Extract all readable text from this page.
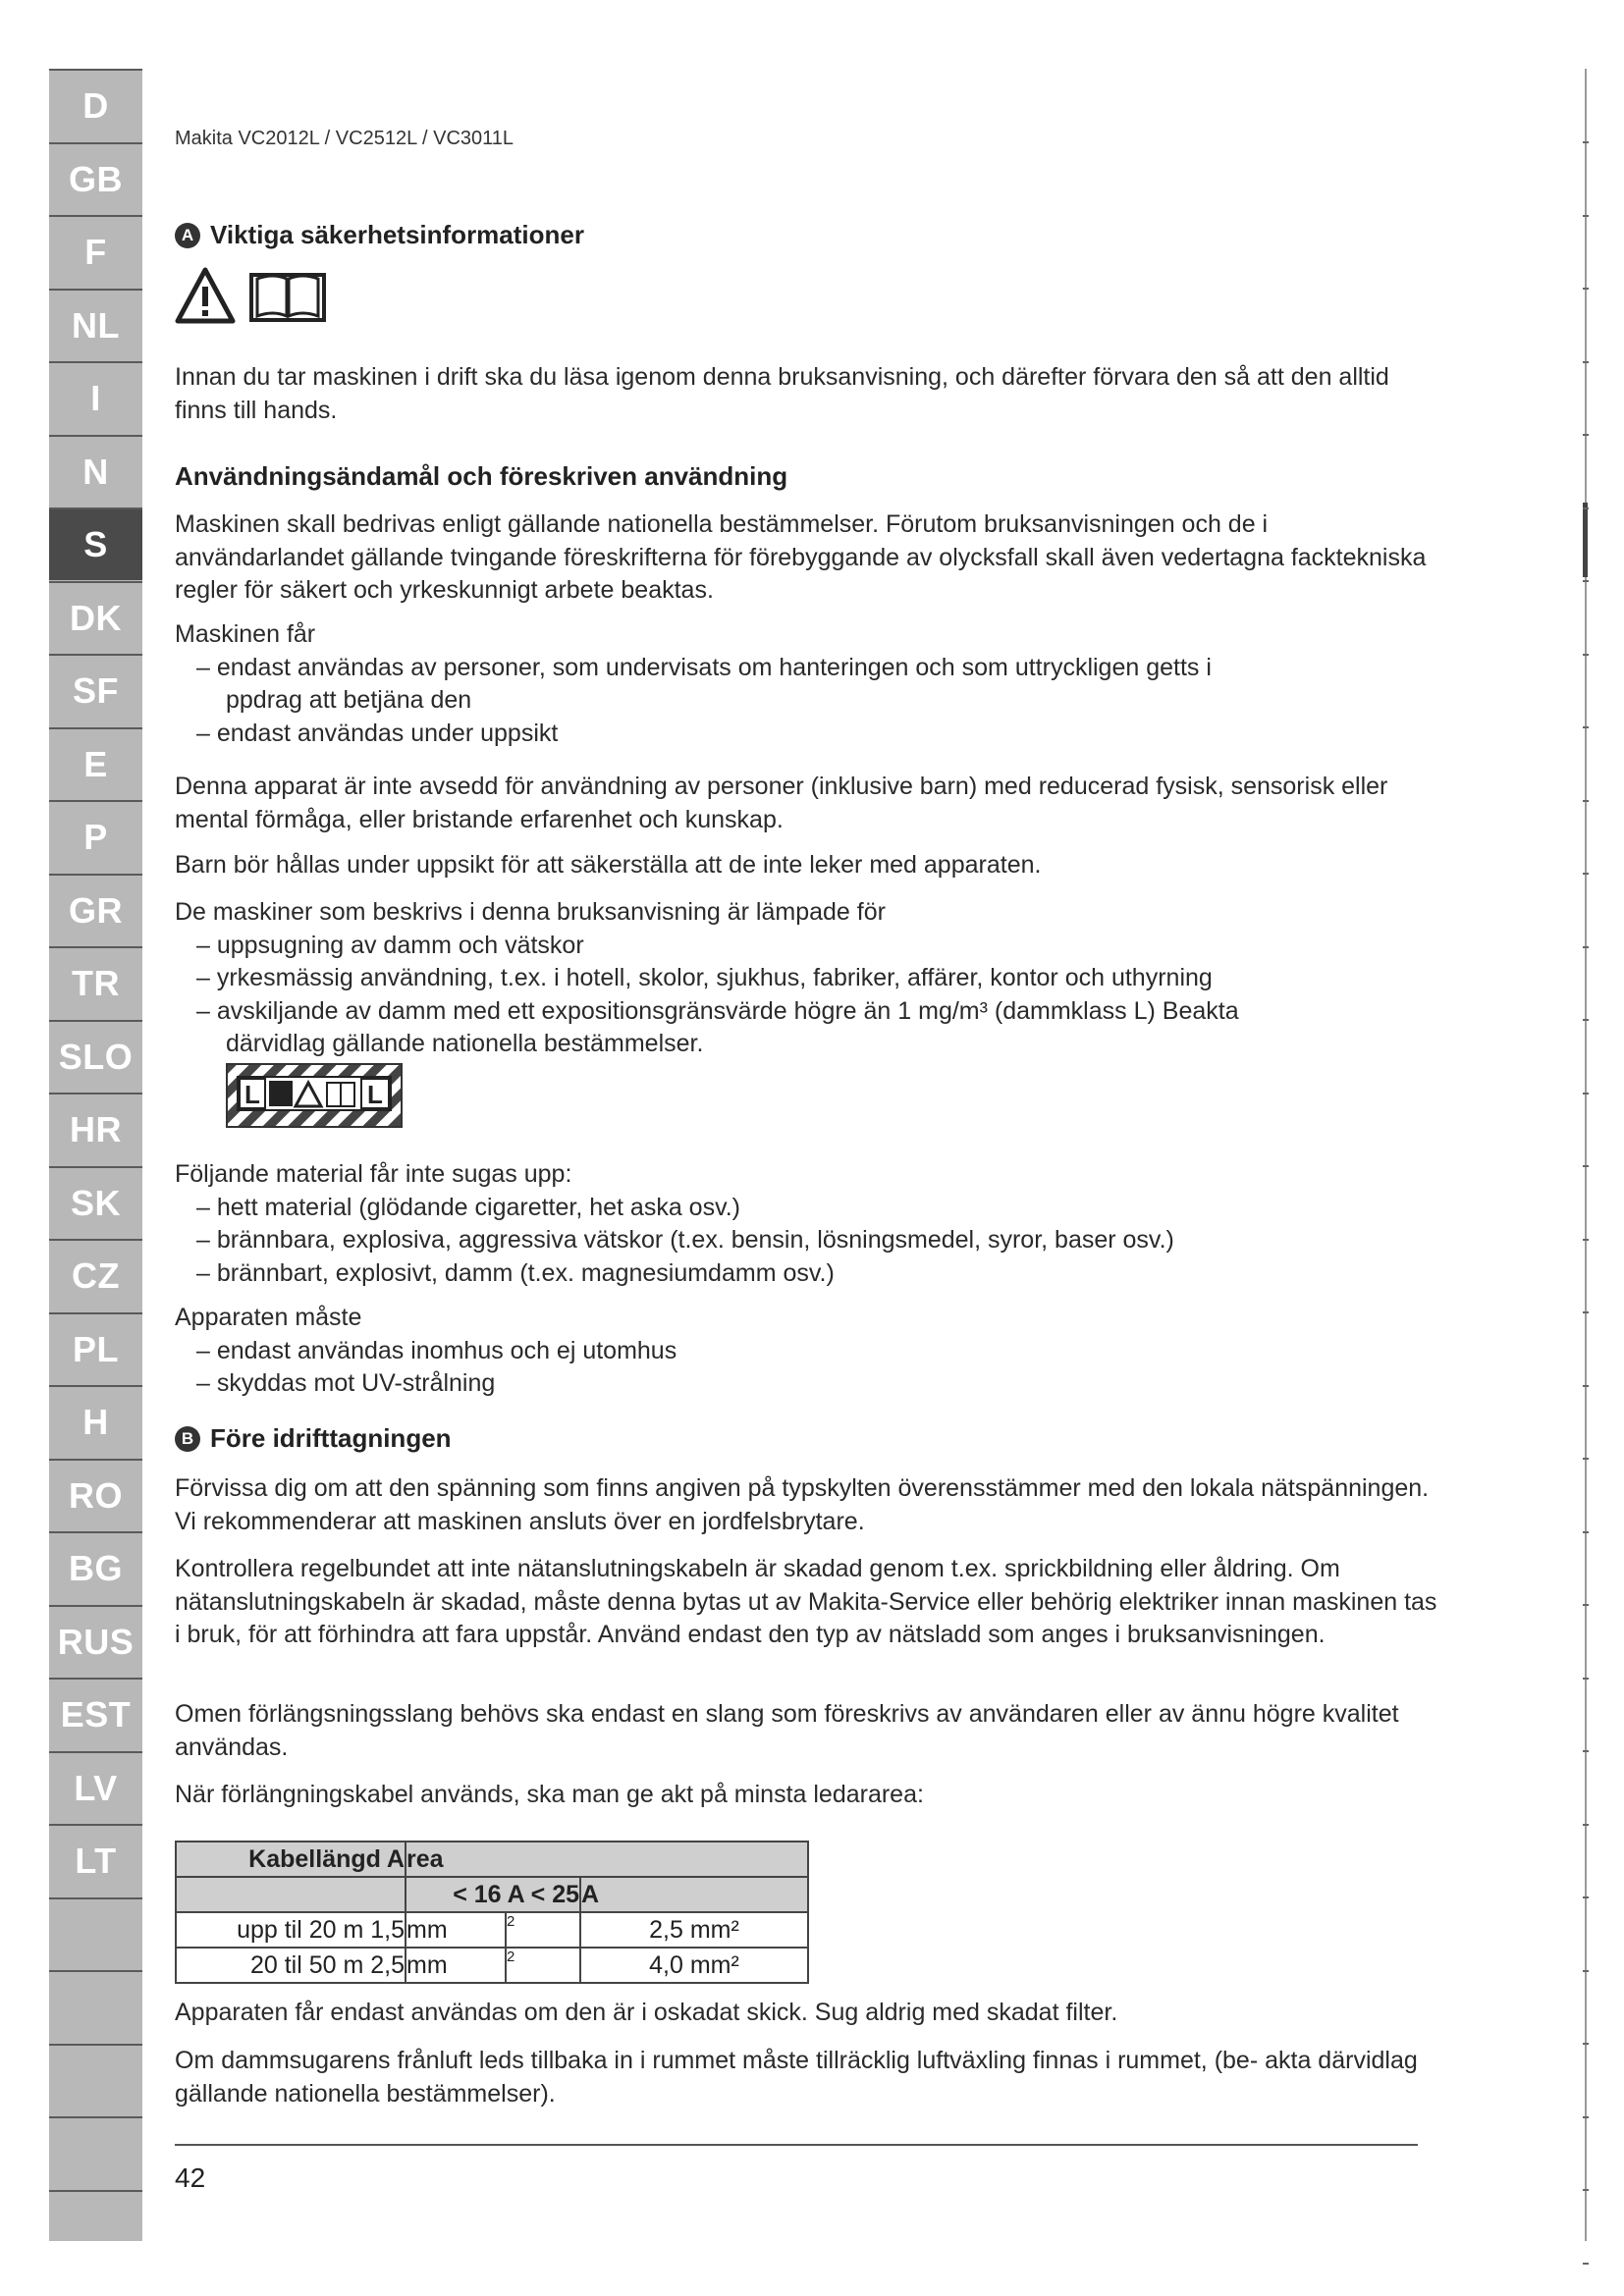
D
GB
F
NL
I
N
S
DK
SF
E
P
GR
TR
SLO
HR
SK
CZ
PL
H
RO
BG
RUS
EST
LV
LT
Makita VC2012L / VC2512L / VC3011L
A Viktiga säkerhetsinformationer

Innan du tar maskinen i drift ska du läsa igenom denna bruksanvisning, och därefter förvara den så att den alltid finns till hands.

Användningsändamål och föreskriven användning

Maskinen skall bedrivas enligt gällande nationella bestämmelser. Förutom bruksanvisningen och de i användarlandet gällande tvingande föreskrifterna för förebyggande av olycksfall skall även vedertagna facktekniska regler för säkert och yrkeskunnigt arbete beaktas.

Maskinen får

– endast användas av personer, som undervisats om hanteringen och som uttryckligen getts i

ppdrag att betjäna den

– endast användas under uppsikt

Denna apparat är inte avsedd för användning av personer (inklusive barn) med reducerad fysisk, sensorisk eller mental förmåga, eller bristande erfarenhet och kunskap.

Barn bör hållas under uppsikt för att säkerställa att de inte leker med apparaten.

De maskiner som beskrivs i denna bruksanvisning är lämpade för

– uppsugning av damm och vätskor

– yrkesmässig användning, t.ex. i hotell, skolor, sjukhus, fabriker, affärer, kontor och uthyrning

– avskiljande av damm med ett expositionsgränsvärde högre än 1 mg/m³ (dammklass L) Beakta

därvidlag gällande nationella bestämmelser.

L	L

Följande material får inte sugas upp:

– hett material (glödande cigaretter, het aska osv.)

– brännbara, explosiva, aggressiva vätskor (t.ex. bensin, lösningsmedel, syror, baser osv.)

– brännbart, explosivt, damm (t.ex. magnesiumdamm osv.)

Apparaten måste

– endast användas inomhus och ej utomhus

– skyddas mot UV-strålning

B Före idrifttagningen

Förvissa dig om att den spänning som finns angiven på typskylten överensstämmer med den lokala nätspänningen. Vi rekommenderar att maskinen ansluts över en jordfelsbrytare.

Kontrollera regelbundet att inte nätanslutningskabeln är skadad genom t.ex. sprickbildning eller åldring. Om nätanslutningskabeln är skadad, måste denna bytas ut av Makita-Service eller behörig elektriker innan maskinen tas i bruk, för att förhindra att fara uppstår. Använd endast den typ av nätsladd som anges i bruksanvisningen.

Omen förlängsningsslang behövs ska endast en slang som föreskrivs av användaren eller av ännu högre kvalitet användas.

När förlängningskabel används, ska man ge akt på minsta ledararea:

Kabellängd A	rea		
	< 16 A < 25		A
upp til 20 m 1,5	mm	2	2,5 mm²
20 til 50 m 2,5	mm	2	4,0 mm²

Apparaten får endast användas om den är i oskadat skick. Sug aldrig med skadat filter.

Om dammsugarens frånluft leds tillbaka in i rummet måste tillräcklig luftväxling finnas i rummet, (be- akta därvidlag gällande nationella bestämmelser).

42
